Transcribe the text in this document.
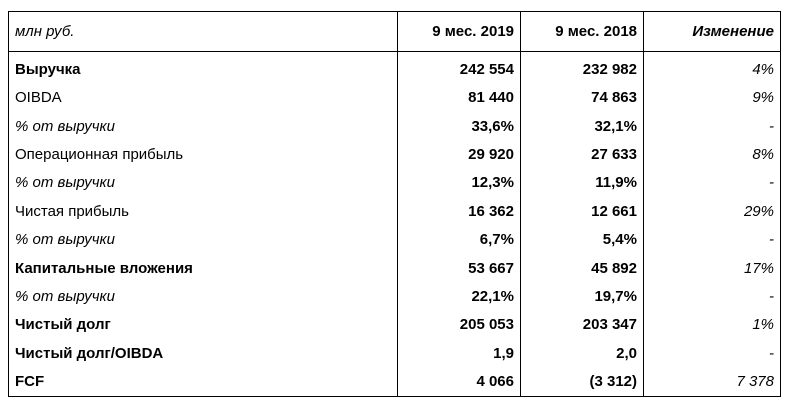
млн руб.	9 мес. 2019	9 мес. 2018	Изменение
Выручка	242 554	232 982	4%
OIBDA	81 440	74 863	9%
% от выручки	33,6%	32,1%	-
Операционная прибыль	29 920	27 633	8%
% от выручки	12,3%	11,9%	-
Чистая прибыль	16 362	12 661	29%
% от выручки	6,7%	5,4%	-
Капитальные вложения	53 667	45 892	17%
% от выручки	22,1%	19,7%	-
Чистый долг	205 053	203 347	1%
Чистый долг/OIBDA	1,9	2,0	-
FCF	4 066	(3 312)	7 378
